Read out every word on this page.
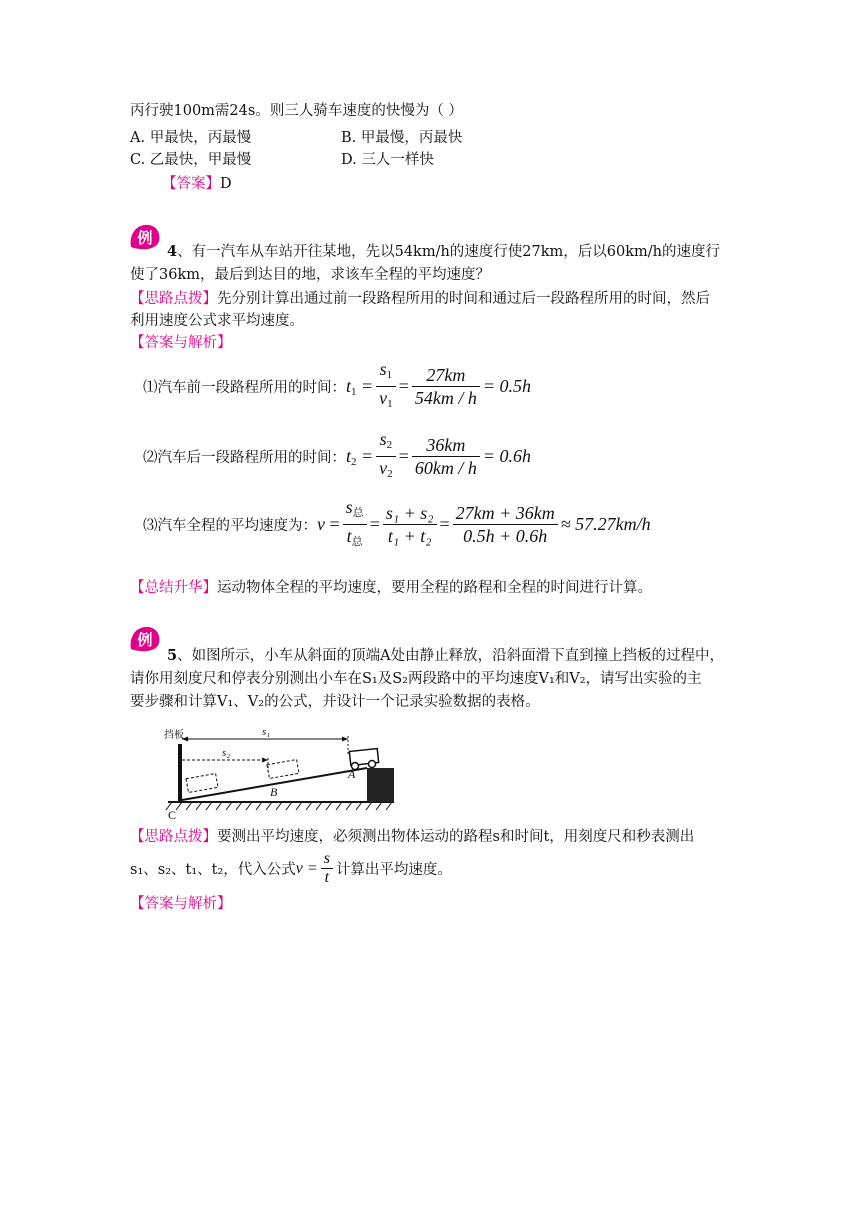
丙行驶100m需24s。则三人骑车速度的快慢为（ ）
A. 甲最快，丙最慢	B. 甲最慢，丙最快
C. 乙最快，甲最慢	D. 三人一样快
【答案】D
例
4、有一汽车从车站开往某地，先以54km/h的速度行使27km，后以60km/h的速度行
使了36km，最后到达目的地，求该车全程的平均速度？
【思路点拨】先分别计算出通过前一段路程所用的时间和通过后一段路程所用的时间，然后
利用速度公式求平均速度。
【答案与解析】
⑴汽车前一段路程所用的时间： $t_1 = \frac{s_1}{v_1} = \frac{27km}{54km / h} = 0.5h$
⑵汽车后一段路程所用的时间： $t_2 = \frac{s_2}{v_2} = \frac{36km}{60km / h} = 0.6h$
⑶汽车全程的平均速度为： $v = \frac{s_总}{t_总} = \frac{\text{s₁ + s₂}}{\text{t₁ + t₂}} = \frac{27km + 36km}{0.5h + 0.6h} \approx 57.27km/h$
【总结升华】运动物体全程的平均速度，要用全程的路程和全程的时间进行计算。
例
5、如图所示，小车从斜面的顶端A处由静止释放，沿斜面滑下直到撞上挡板的过程中，
请你用刻度尺和停表分别测出小车在S₁及S₂两段路中的平均速度V₁和V₂，请写出实验的主
要步骤和计算V₁、V₂的公式，并设计一个记录实验数据的表格。
挡板	s₁
s₂
A
B
C
【思路点拨】要测出平均速度，必须测出物体运动的路程s和时间t，用刻度尺和秒表测出
s₁、s₂、t₁、t₂，代入公式 $v = \frac{s}{t}$ 计算出平均速度。
【答案与解析】
